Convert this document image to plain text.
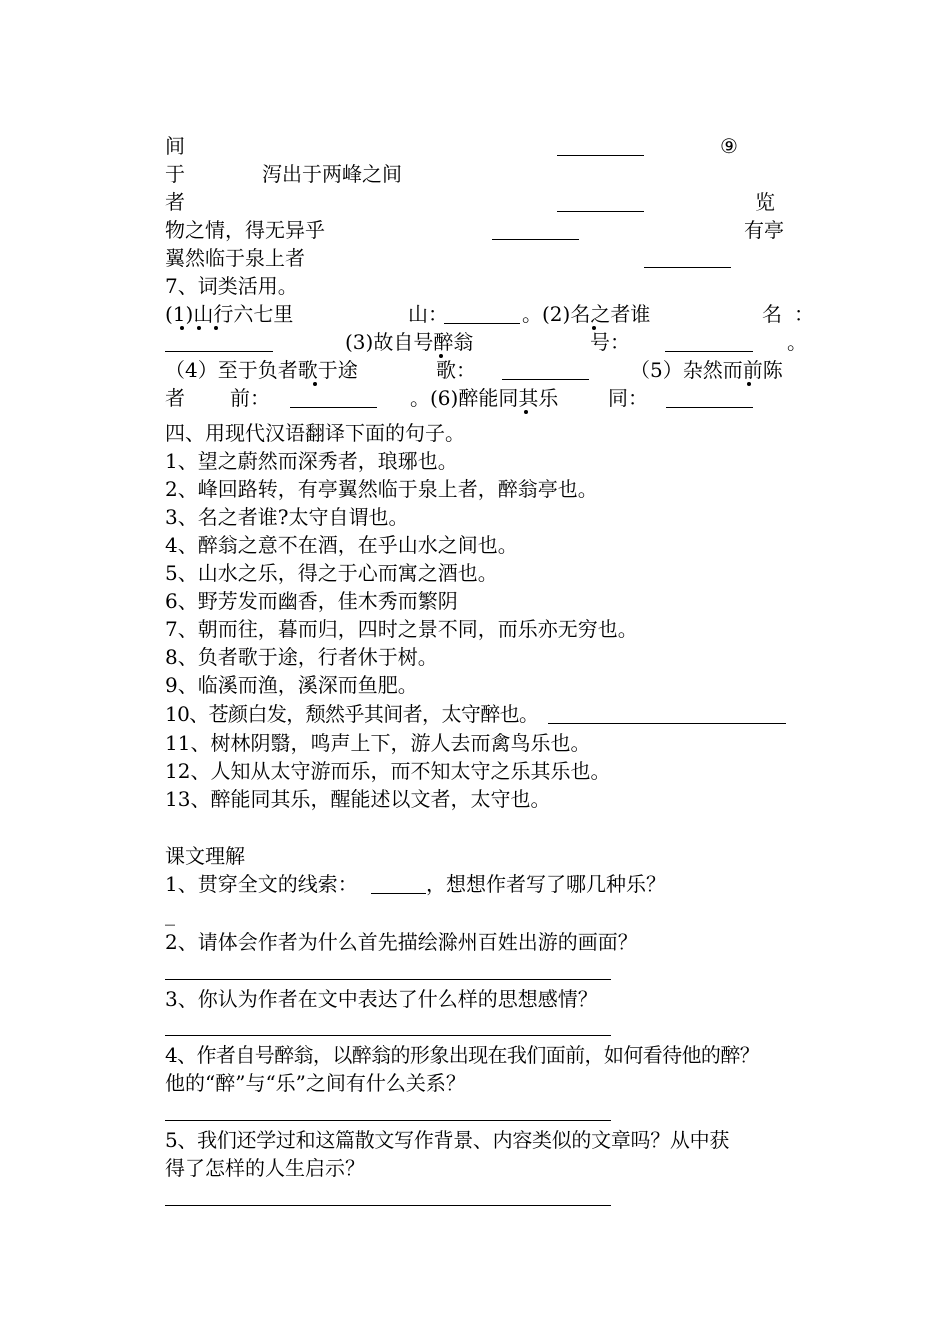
间	⑨
于	泻出于两峰之间
者	览
物之情，得无异乎	有亭
翼然临于泉上者
7、词类活用。
(1)山行六七里	山：	。(2)名之者谁	名：
(3)故自号醉翁	号：	。
（4）至于负者歌于途	歌：	（5）杂然而前陈
者 前：	。(6)醉能同其乐 同：
四、用现代汉语翻译下面的句子。
1、望之蔚然而深秀者，琅琊也。
2、峰回路转，有亭翼然临于泉上者，醉翁亭也。
3、名之者谁?太守自谓也。
4、醉翁之意不在酒，在乎山水之间也。
5、山水之乐，得之于心而寓之酒也。
6、野芳发而幽香，佳木秀而繁阴
7、朝而往，暮而归，四时之景不同，而乐亦无穷也。
8、负者歌于途，行者休于树。
9、临溪而渔，溪深而鱼肥。
10、苍颜白发，颓然乎其间者，太守醉也。
11、树林阴翳，鸣声上下，游人去而禽鸟乐也。
12、人知从太守游而乐，而不知太守之乐其乐也。
13、醉能同其乐，醒能述以文者，太守也。
课文理解
1、贯穿全文的线索：	，想想作者写了哪几种乐？
_
2、请体会作者为什么首先描绘滁州百姓出游的画面？
3、你认为作者在文中表达了什么样的思想感情？
4、作者自号醉翁，以醉翁的形象出现在我们面前，如何看待他的醉？
他的“醉”与“乐”之间有什么关系？
5、我们还学过和这篇散文写作背景、内容类似的文章吗？从中获
得了怎样的人生启示？
